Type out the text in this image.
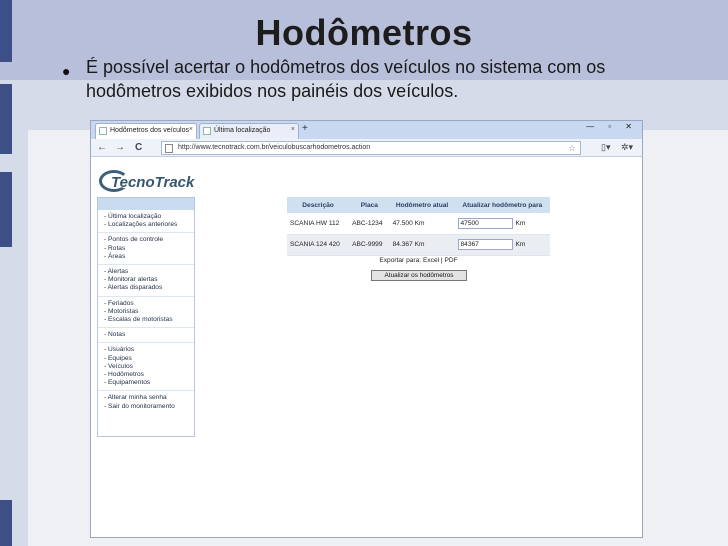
Hodômetros
● É possível acertar o hodômetros dos veículos no sistema com os hodômetros exibidos nos painéis dos veículos.
Hodômetros dos veículos ×	Última localização	× +	— ▫ ✕
← → C	http://www.tecnotrack.com.br/veiculobuscarhodometros.action	☆	▯▾ ✲▾
TecnoTrack
- Última localização
- Localizações anteriores
- Pontos de controle
- Rotas
- Áreas
- Alertas
- Monitorar alertas
- Alertas disparados
- Feriados
- Motoristas
- Escalas de motoristas
- Notas
- Usuários
- Equipes
- Veículos
- Hodômetros
- Equipamentos
- Alterar minha senha
- Sair do monitoramento
Descrição	Placa	Hodômetro atual	Atualizar hodômetro para
SCANIA HW 112	ABC-1234	47.500 Km	47500 Km
SCANIA 124 420	ABC-9999	84.367 Km	84367 Km
Exportar para: Excel | PDF
Atualizar os hodômetros
